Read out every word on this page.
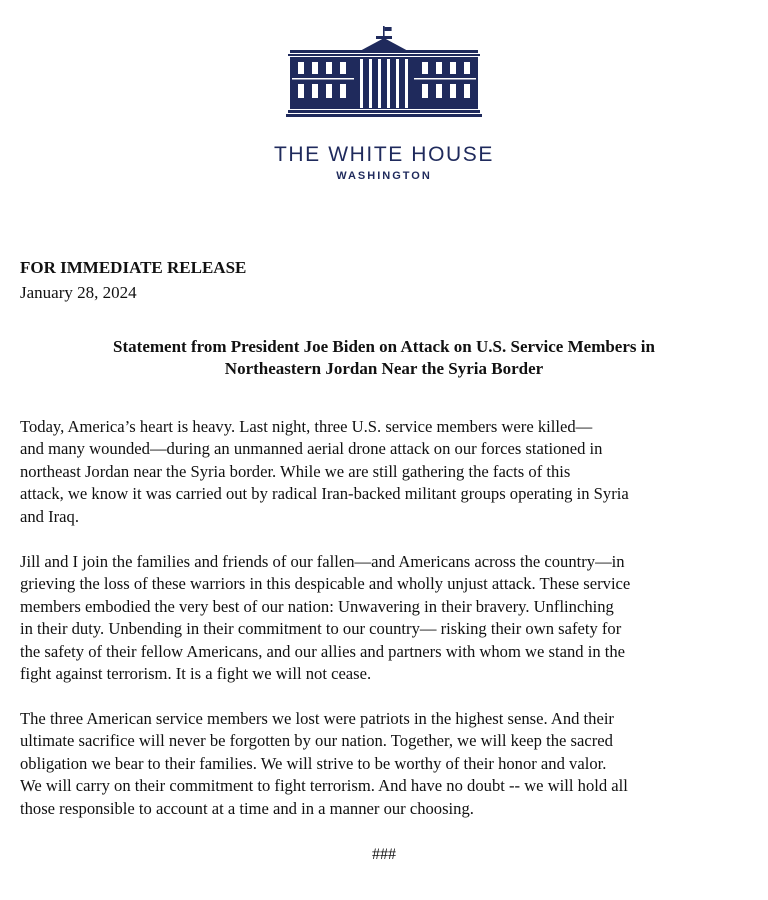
THE WHITE HOUSE
WASHINGTON
FOR IMMEDIATE RELEASE
January 28, 2024
Statement from President Joe Biden on Attack on U.S. Service Members in
Northeastern Jordan Near the Syria Border
Today, America’s heart is heavy. Last night, three U.S. service members were killed—
and many wounded—during an unmanned aerial drone attack on our forces stationed in
northeast Jordan near the Syria border. While we are still gathering the facts of this
attack, we know it was carried out by radical Iran-backed militant groups operating in Syria
and Iraq.
Jill and I join the families and friends of our fallen—and Americans across the country—in
grieving the loss of these warriors in this despicable and wholly unjust attack. These service
members embodied the very best of our nation: Unwavering in their bravery. Unflinching
in their duty. Unbending in their commitment to our country— risking their own safety for
the safety of their fellow Americans, and our allies and partners with whom we stand in the
fight against terrorism. It is a fight we will not cease.
The three American service members we lost were patriots in the highest sense. And their
ultimate sacrifice will never be forgotten by our nation. Together, we will keep the sacred
obligation we bear to their families. We will strive to be worthy of their honor and valor.
We will carry on their commitment to fight terrorism. And have no doubt -- we will hold all
those responsible to account at a time and in a manner our choosing.
###
